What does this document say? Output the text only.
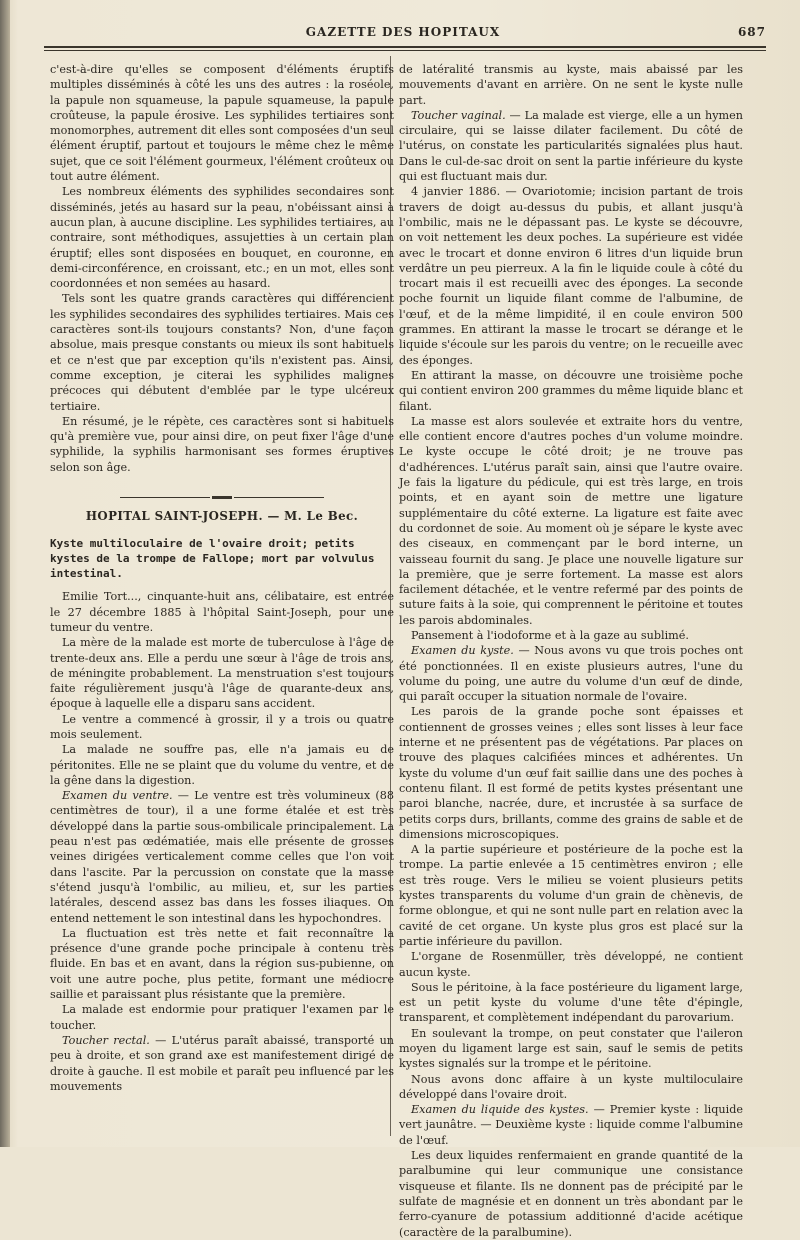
GAZETTE DES HOPITAUX	687

c'est-à-dire qu'elles se composent d'éléments éruptifs multiples disséminés à côté les uns des autres : la roséole, la papule non squameuse, la papule squameuse, la papule croûteuse, la papule érosive. Les syphilides tertiaires sont monomorphes, autrement dit elles sont composées d'un seul élément éruptif, partout et toujours le même chez le même sujet, que ce soit l'élément gourmeux, l'élément croûteux ou tout autre élément.

Les nombreux éléments des syphilides secondaires sont disséminés, jetés au hasard sur la peau, n'obéissant ainsi à aucun plan, à aucune discipline. Les syphilides tertiaires, au contraire, sont méthodiques, assujetties à un certain plan éruptif; elles sont disposées en bouquet, en couronne, en demi-circonférence, en croissant, etc.; en un mot, elles sont coordonnées et non semées au hasard.

Tels sont les quatre grands caractères qui différencient les syphilides secondaires des syphilides tertiaires. Mais ces caractères sont-ils toujours constants? Non, d'une façon absolue, mais presque constants ou mieux ils sont habituels et ce n'est que par exception qu'ils n'existent pas. Ainsi, comme exception, je citerai les syphilides malignes précoces qui débutent d'emblée par le type ulcéreux tertiaire.

En résumé, je le répète, ces caractères sont si habituels qu'à première vue, pour ainsi dire, on peut fixer l'âge d'une syphilide, la syphilis harmonisant ses formes éruptives selon son âge.

HOPITAL SAINT-JOSEPH. — M. Le Bec.
Kyste multiloculaire de l'ovaire droit; petits kystes de la trompe de Fallope; mort par volvulus intestinal.

Emilie Tort..., cinquante-huit ans, célibataire, est entrée le 27 décembre 1885 à l'hôpital Saint-Joseph, pour une tumeur du ventre.

La mère de la malade est morte de tuberculose à l'âge de trente-deux ans. Elle a perdu une sœur à l'âge de trois ans, de méningite probablement. La menstruation s'est toujours faite régulièrement jusqu'à l'âge de quarante-deux ans, époque à laquelle elle a disparu sans accident.

Le ventre a commencé à grossir, il y a trois ou quatre mois seulement.

La malade ne souffre pas, elle n'a jamais eu de péritonites. Elle ne se plaint que du volume du ventre, et de la gêne dans la digestion.

Examen du ventre. — Le ventre est très volumineux (88 centimètres de tour), il a une forme étalée et est très développé dans la partie sous-ombilicale principalement. La peau n'est pas œdématiée, mais elle présente de grosses veines dirigées verticalement comme celles que l'on voit dans l'ascite. Par la percussion on constate que la masse s'étend jusqu'à l'ombilic, au milieu, et, sur les parties latérales, descend assez bas dans les fosses iliaques. On entend nettement le son intestinal dans les hypochondres.

La fluctuation est très nette et fait reconnaître la présence d'une grande poche principale à contenu très fluide. En bas et en avant, dans la région sus-pubienne, on voit une autre poche, plus petite, formant une médiocre saillie et paraissant plus résistante que la première.

La malade est endormie pour pratiquer l'examen par le toucher.

Toucher rectal. — L'utérus paraît abaissé, transporté un peu à droite, et son grand axe est manifestement dirigé de droite à gauche. Il est mobile et paraît peu influencé par les mouvements

de latéralité transmis au kyste, mais abaissé par les mouvements d'avant en arrière. On ne sent le kyste nulle part.

Toucher vaginal. — La malade est vierge, elle a un hymen circulaire, qui se laisse dilater facilement. Du côté de l'utérus, on constate les particularités signalées plus haut. Dans le cul-de-sac droit on sent la partie inférieure du kyste qui est fluctuant mais dur.

4 janvier 1886. — Ovariotomie; incision partant de trois travers de doigt au-dessus du pubis, et allant jusqu'à l'ombilic, mais ne le dépassant pas. Le kyste se découvre, on voit nettement les deux poches. La supérieure est vidée avec le trocart et donne environ 6 litres d'un liquide brun verdâtre un peu pierreux. A la fin le liquide coule à côté du trocart mais il est recueilli avec des éponges. La seconde poche fournit un liquide filant comme de l'albumine, de l'œuf, et de la même limpidité, il en coule environ 500 grammes. En attirant la masse le trocart se dérange et le liquide s'écoule sur les parois du ventre; on le recueille avec des éponges.

En attirant la masse, on découvre une troisième poche qui contient environ 200 grammes du même liquide blanc et filant.

La masse est alors soulevée et extraite hors du ventre, elle contient encore d'autres poches d'un volume moindre. Le kyste occupe le côté droit; je ne trouve pas d'adhérences. L'utérus paraît sain, ainsi que l'autre ovaire. Je fais la ligature du pédicule, qui est très large, en trois points, et en ayant soin de mettre une ligature supplémentaire du côté externe. La ligature est faite avec du cordonnet de soie. Au moment où je sépare le kyste avec des ciseaux, en commençant par le bord interne, un vaisseau fournit du sang. Je place une nouvelle ligature sur la première, que je serre fortement. La masse est alors facilement détachée, et le ventre refermé par des points de suture faits à la soie, qui comprennent le péritoine et toutes les parois abdominales.

Pansement à l'iodoforme et à la gaze au sublimé.

Examen du kyste. — Nous avons vu que trois poches ont été ponctionnées. Il en existe plusieurs autres, l'une du volume du poing, une autre du volume d'un œuf de dinde, qui paraît occuper la situation normale de l'ovaire.

Les parois de la grande poche sont épaisses et contiennent de grosses veines ; elles sont lisses à leur face interne et ne présentent pas de végétations. Par places on trouve des plaques calcifiées minces et adhérentes. Un kyste du volume d'un œuf fait saillie dans une des poches à contenu filant. Il est formé de petits kystes présentant une paroi blanche, nacrée, dure, et incrustée à sa surface de petits corps durs, brillants, comme des grains de sable et de dimensions microscopiques.

A la partie supérieure et postérieure de la poche est la trompe. La partie enlevée a 15 centimètres environ ; elle est très rouge. Vers le milieu se voient plusieurs petits kystes transparents du volume d'un grain de chènevis, de forme oblongue, et qui ne sont nulle part en relation avec la cavité de cet organe. Un kyste plus gros est placé sur la partie inférieure du pavillon.

L'organe de Rosenmüller, très développé, ne contient aucun kyste.

Sous le péritoine, à la face postérieure du ligament large, est un petit kyste du volume d'une tête d'épingle, transparent, et complètement indépendant du parovarium.

En soulevant la trompe, on peut constater que l'aileron moyen du ligament large est sain, sauf le semis de petits kystes signalés sur la trompe et le péritoine.

Nous avons donc affaire à un kyste multiloculaire développé dans l'ovaire droit.

Examen du liquide des kystes. — Premier kyste : liquide vert jaunâtre. — Deuxième kyste : liquide comme l'albumine de l'œuf.

Les deux liquides renfermaient en grande quantité de la paralbumine qui leur communique une consistance visqueuse et filante. Ils ne donnent pas de précipité par le sulfate de magnésie et en donnent un très abondant par le ferro-cyanure de potassium additionné d'acide acétique (caractère de la paralbumine).
